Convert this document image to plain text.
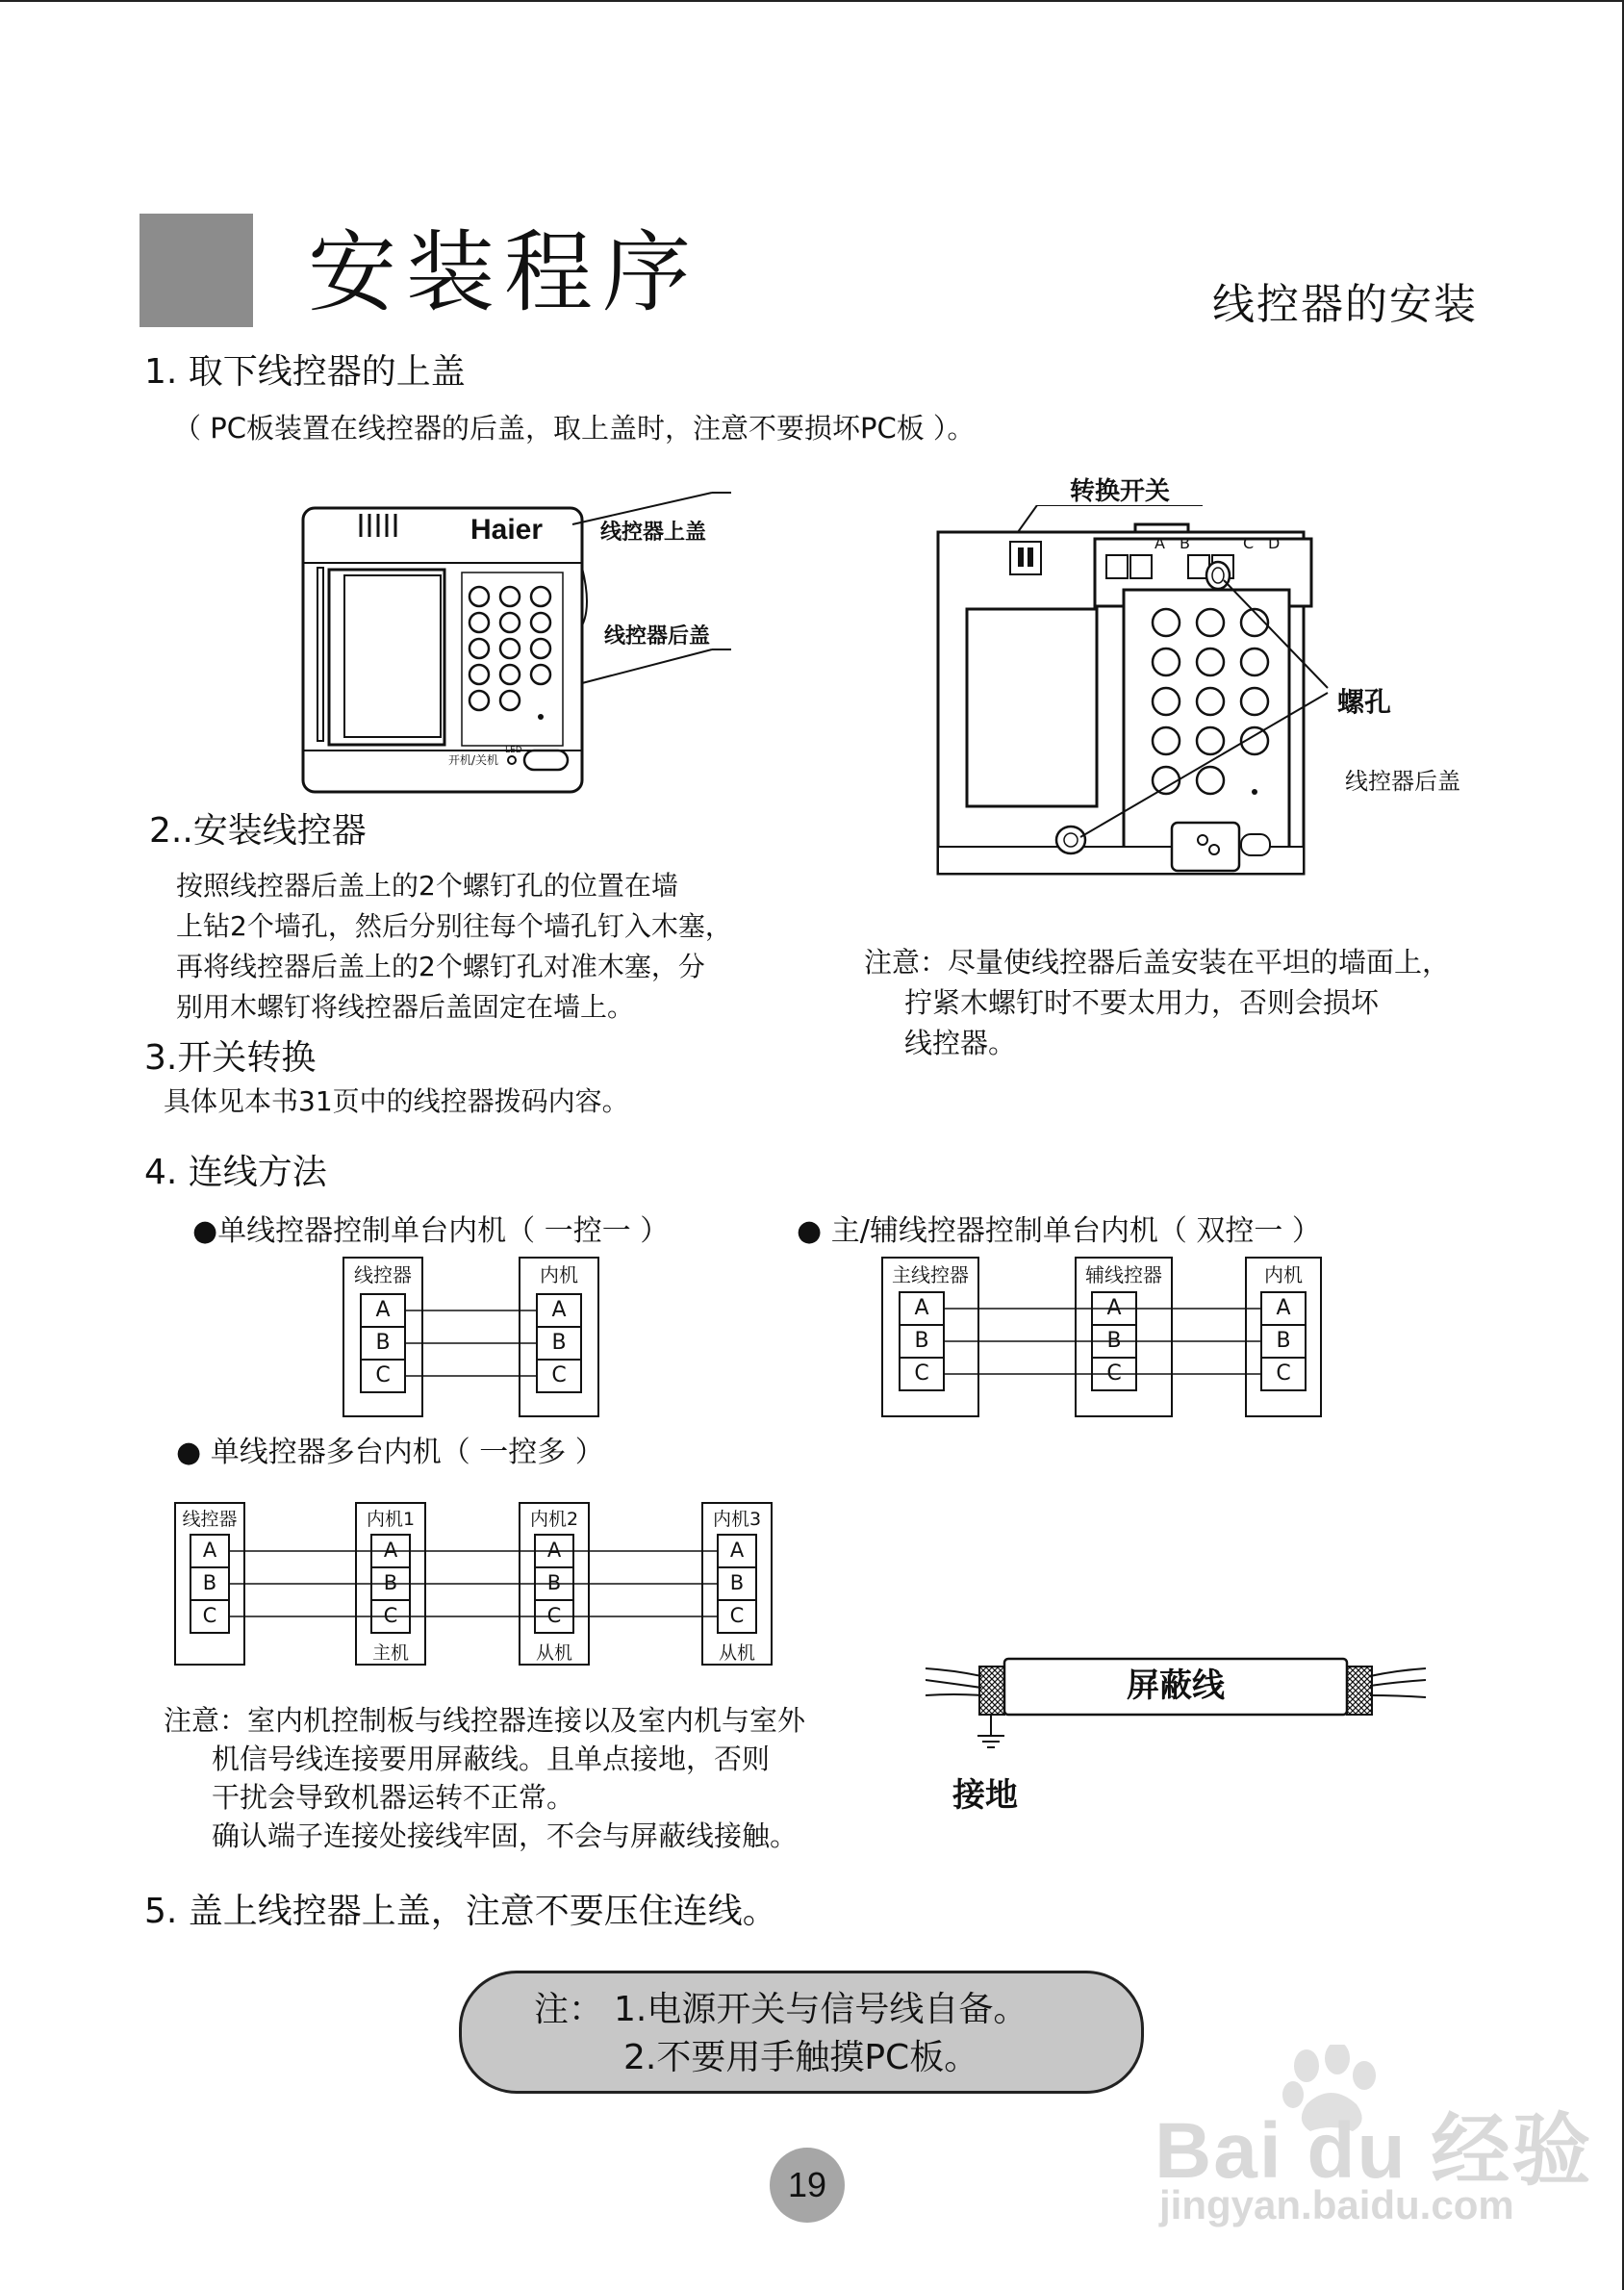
安装程序	线控器的安装
1. 取下线控器的上盖
（ PC板装置在线控器的后盖，取上盖时，注意不要损坏PC板 ）。
Haier	线控器上盖
线控器后盖
开机/关机
LED
转换开关
A B	C D
螺孔
线控器后盖
注意：尽量使线控器后盖安装在平坦的墙面上，
拧紧木螺钉时不要太用力，否则会损坏
线控器。
2..安装线控器
按照线控器后盖上的2个螺钉孔的位置在墙
上钻2个墙孔，然后分别往每个墙孔钉入木塞，
再将线控器后盖上的2个螺钉孔对准木塞，分
别用木螺钉将线控器后盖固定在墙上。
3.开关转换
具体见本书31页中的线控器拨码内容。
4. 连线方法
●单线控器控制单台内机（ 一控一 ）	● 主/辅线控器控制单台内机（ 双控一 ）
● 单线控器多台内机（ 一控多 ）
线控器	内机
A
B
C
A
B
C
主线控器	辅线控器	内机
A
B
C
A
B
C
A
B
C
线控器	内机1	内机2	内机3
A
B
C
A
B
C
A
B
C
A
B
C
主机	从机	从机
屏蔽线
接地
注意：室内机控制板与线控器连接以及室内机与室外
机信号线连接要用屏蔽线。且单点接地，否则
干扰会导致机器运转不正常。
确认端子连接处接线牢固，不会与屏蔽线接触。
5. 盖上线控器上盖，注意不要压住连线。
注： 1.电源开关与信号线自备。
2.不要用手触摸PC板。
19	Bai du 经验
jingyan.baidu.com
